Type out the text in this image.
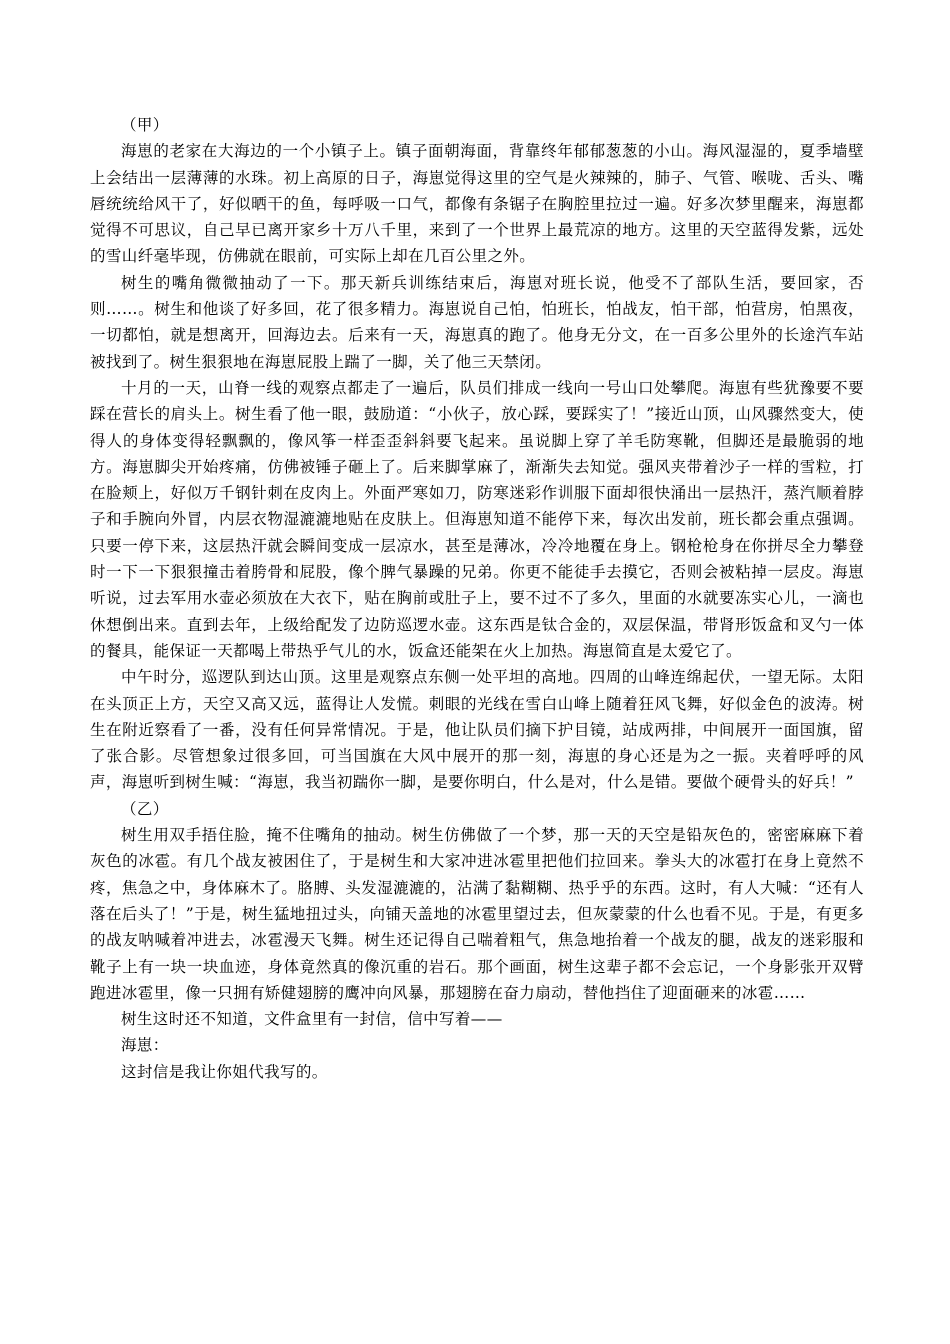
（甲）

海崽的老家在大海边的一个小镇子上。镇子面朝海面，背靠终年郁郁葱葱的小山。海风湿湿的，夏季墙壁上会结出一层薄薄的水珠。初上高原的日子，海崽觉得这里的空气是火辣辣的，肺子、气管、喉咙、舌头、嘴唇统统给风干了，好似晒干的鱼，每呼吸一口气，都像有条锯子在胸腔里拉过一遍。好多次梦里醒来，海崽都觉得不可思议，自己早已离开家乡十万八千里，来到了一个世界上最荒凉的地方。这里的天空蓝得发紫，远处的雪山纤毫毕现，仿佛就在眼前，可实际上却在几百公里之外。

树生的嘴角微微抽动了一下。那天新兵训练结束后，海崽对班长说，他受不了部队生活，要回家，否则……。树生和他谈了好多回，花了很多精力。海崽说自己怕，怕班长，怕战友，怕干部，怕营房，怕黑夜，一切都怕，就是想离开，回海边去。后来有一天，海崽真的跑了。他身无分文，在一百多公里外的长途汽车站被找到了。树生狠狠地在海崽屁股上踹了一脚，关了他三天禁闭。

十月的一天，山脊一线的观察点都走了一遍后，队员们排成一线向一号山口处攀爬。海崽有些犹豫要不要踩在营长的肩头上。树生看了他一眼，鼓励道：“小伙子，放心踩，要踩实了！”接近山顶，山风骤然变大，使得人的身体变得轻飘飘的，像风筝一样歪歪斜斜要飞起来。虽说脚上穿了羊毛防寒靴，但脚还是最脆弱的地方。海崽脚尖开始疼痛，仿佛被锤子砸上了。后来脚掌麻了，渐渐失去知觉。强风夹带着沙子一样的雪粒，打在脸颊上，好似万千钢针刺在皮肉上。外面严寒如刀，防寒迷彩作训服下面却很快涌出一层热汗，蒸汽顺着脖子和手腕向外冒，内层衣物湿漉漉地贴在皮肤上。但海崽知道不能停下来，每次出发前，班长都会重点强调。只要一停下来，这层热汗就会瞬间变成一层凉水，甚至是薄冰，冷冷地覆在身上。钢枪枪身在你拼尽全力攀登时一下一下狠狠撞击着胯骨和屁股，像个脾气暴躁的兄弟。你更不能徒手去摸它，否则会被粘掉一层皮。海崽听说，过去军用水壶必须放在大衣下，贴在胸前或肚子上，要不过不了多久，里面的水就要冻实心儿，一滴也休想倒出来。直到去年，上级给配发了边防巡逻水壶。这东西是钛合金的，双层保温，带肾形饭盒和叉勺一体的餐具，能保证一天都喝上带热乎气儿的水，饭盒还能架在火上加热。海崽简直是太爱它了。

中午时分，巡逻队到达山顶。这里是观察点东侧一处平坦的高地。四周的山峰连绵起伏，一望无际。太阳在头顶正上方，天空又高又远，蓝得让人发慌。刺眼的光线在雪白山峰上随着狂风飞舞，好似金色的波涛。树生在附近察看了一番，没有任何异常情况。于是，他让队员们摘下护目镜，站成两排，中间展开一面国旗，留了张合影。尽管想象过很多回，可当国旗在大风中展开的那一刻，海崽的身心还是为之一振。夹着呼呼的风声，海崽听到树生喊：“海崽，我当初踹你一脚，是要你明白，什么是对，什么是错。要做个硬骨头的好兵！”

（乙）

树生用双手捂住脸，掩不住嘴角的抽动。树生仿佛做了一个梦，那一天的天空是铅灰色的，密密麻麻下着灰色的冰雹。有几个战友被困住了，于是树生和大家冲进冰雹里把他们拉回来。拳头大的冰雹打在身上竟然不疼，焦急之中，身体麻木了。胳膊、头发湿漉漉的，沾满了黏糊糊、热乎乎的东西。这时，有人大喊：“还有人落在后头了！”于是，树生猛地扭过头，向铺天盖地的冰雹里望过去，但灰蒙蒙的什么也看不见。于是，有更多的战友呐喊着冲进去，冰雹漫天飞舞。树生还记得自己喘着粗气，焦急地抬着一个战友的腿，战友的迷彩服和靴子上有一块一块血迹，身体竟然真的像沉重的岩石。那个画面，树生这辈子都不会忘记，一个身影张开双臂跑进冰雹里，像一只拥有矫健翅膀的鹰冲向风暴，那翅膀在奋力扇动，替他挡住了迎面砸来的冰雹……

树生这时还不知道，文件盒里有一封信，信中写着——

海崽：

这封信是我让你姐代我写的。
